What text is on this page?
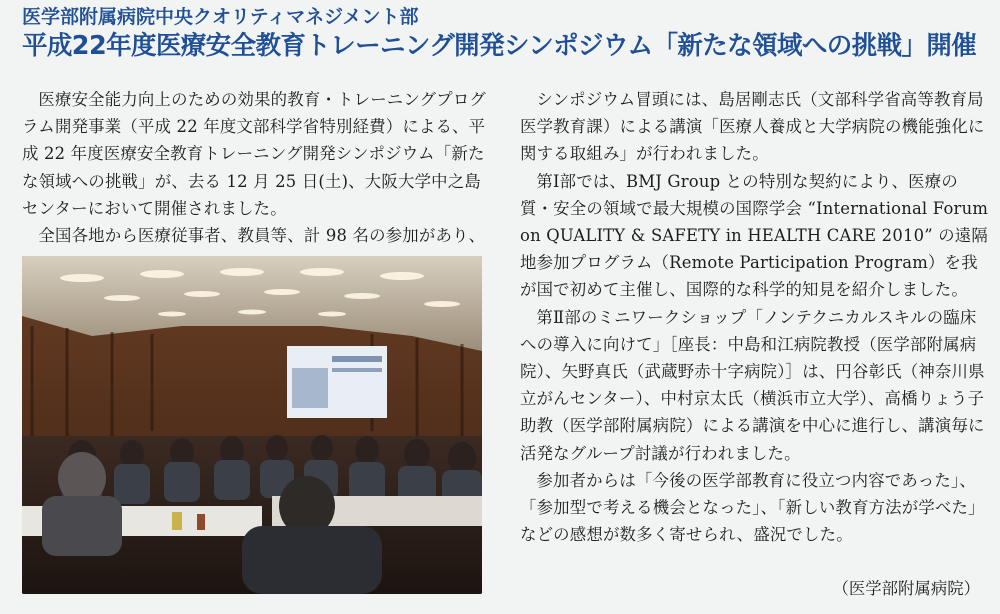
医学部附属病院中央クオリティマネジメント部
平成22年度医療安全教育トレーニング開発シンポジウム「新たな領域への挑戦」開催

医療安全能力向上のための効果的教育・トレーニングプログラム開発事業（平成 22 年度文部科学省特別経費）による、平成 22 年度医療安全教育トレーニング開発シンポジウム「新たな領域への挑戦」が、去る 12 月 25 日(土)、大阪大学中之島センターにおいて開催されました。

全国各地から医療従事者、教員等、計 98 名の参加があり、

シンポジウム冒頭には、島居剛志氏（文部科学省高等教育局医学教育課）による講演「医療人養成と大学病院の機能強化に関する取組み」が行われました。

第Ⅰ部では、BMJ Group との特別な契約により、医療の質・安全の領域で最大規模の国際学会 “International Forum on QUALITY & SAFETY in HEALTH CARE 2010” の遠隔地参加プログラム（Remote Participation Program）を我が国で初めて主催し、国際的な科学的知見を紹介しました。

第Ⅱ部のミニワークショップ「ノンテクニカルスキルの臨床への導入に向けて」［座長：中島和江病院教授（医学部附属病院）、矢野真氏（武蔵野赤十字病院）］は、円谷彰氏（神奈川県立がんセンター）、中村京太氏（横浜市立大学）、高橋りょう子助教（医学部附属病院）による講演を中心に進行し、講演毎に活発なグループ討議が行われました。

参加者からは「今後の医学部教育に役立つ内容であった」、「参加型で考える機会となった」、「新しい教育方法が学べた」などの感想が数多く寄せられ、盛況でした。

（医学部附属病院）
